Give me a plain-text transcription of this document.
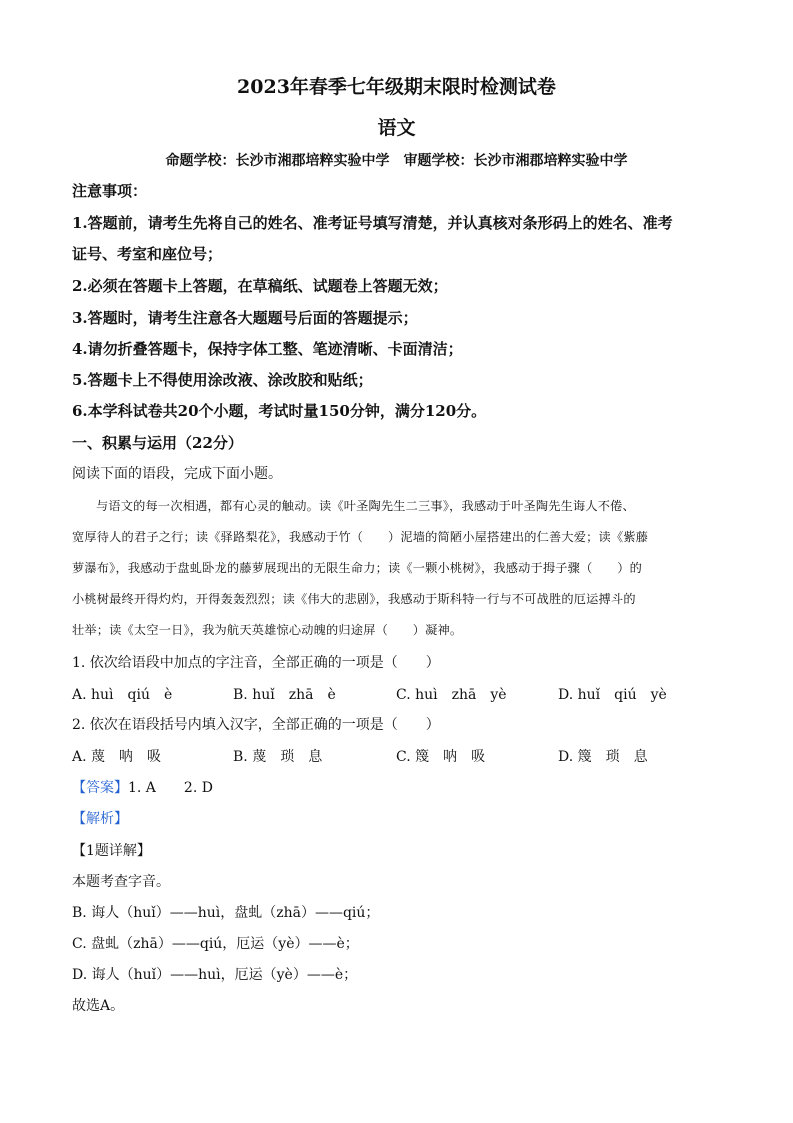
2023年春季七年级期末限时检测试卷
语文
命题学校：长沙市湘郡培粹实验中学　审题学校：长沙市湘郡培粹实验中学
注意事项：
1.答题前，请考生先将自己的姓名、准考证号填写清楚，并认真核对条形码上的姓名、准考
证号、考室和座位号；
2.必须在答题卡上答题，在草稿纸、试题卷上答题无效；
3.答题时，请考生注意各大题题号后面的答题提示；
4.请勿折叠答题卡，保持字体工整、笔迹清晰、卡面清洁；
5.答题卡上不得使用涂改液、涂改胶和贴纸；
6.本学科试卷共20个小题，考试时量150分钟，满分120分。
一、积累与运用（22分）
阅读下面的语段，完成下面小题。
与语文的每一次相遇，都有心灵的触动。读《叶圣陶先生二三事》，我感动于叶圣陶先生诲人不倦、
宽厚待人的君子之行；读《驿路梨花》，我感动于竹（　　）泥墙的简陋小屋搭建出的仁善大爱；读《紫藤
萝瀑布》，我感动于盘虬卧龙的藤萝展现出的无限生命力；读《一颗小桃树》，我感动于拇子骤（　　）的
小桃树最终开得灼灼，开得轰轰烈烈；读《伟大的悲剧》，我感动于斯科特一行与不可战胜的厄运搏斗的
壮举；读《太空一日》，我为航天英雄惊心动魄的归途屏（　　）凝神。
1. 依次给语段中加点的字注音，全部正确的一项是（　　）
A. huì　qiú　è	B. huǐ　zhā　è	C. huì　zhā　yè	D. huǐ　qiú　yè
2. 依次在语段括号内填入汉字，全部正确的一项是（　　）
A. 蔑　呐　吸	B. 蔑　琐　息	C. 篾　呐　吸	D. 篾　琐　息
【答案】1. A　　2. D
【解析】
【1题详解】
本题考查字音。
B. 诲人（huǐ）——huì，盘虬（zhā）——qiú；
C. 盘虬（zhā）——qiú，厄运（yè）——è；
D. 诲人（huǐ）——huì，厄运（yè）——è；
故选A。
